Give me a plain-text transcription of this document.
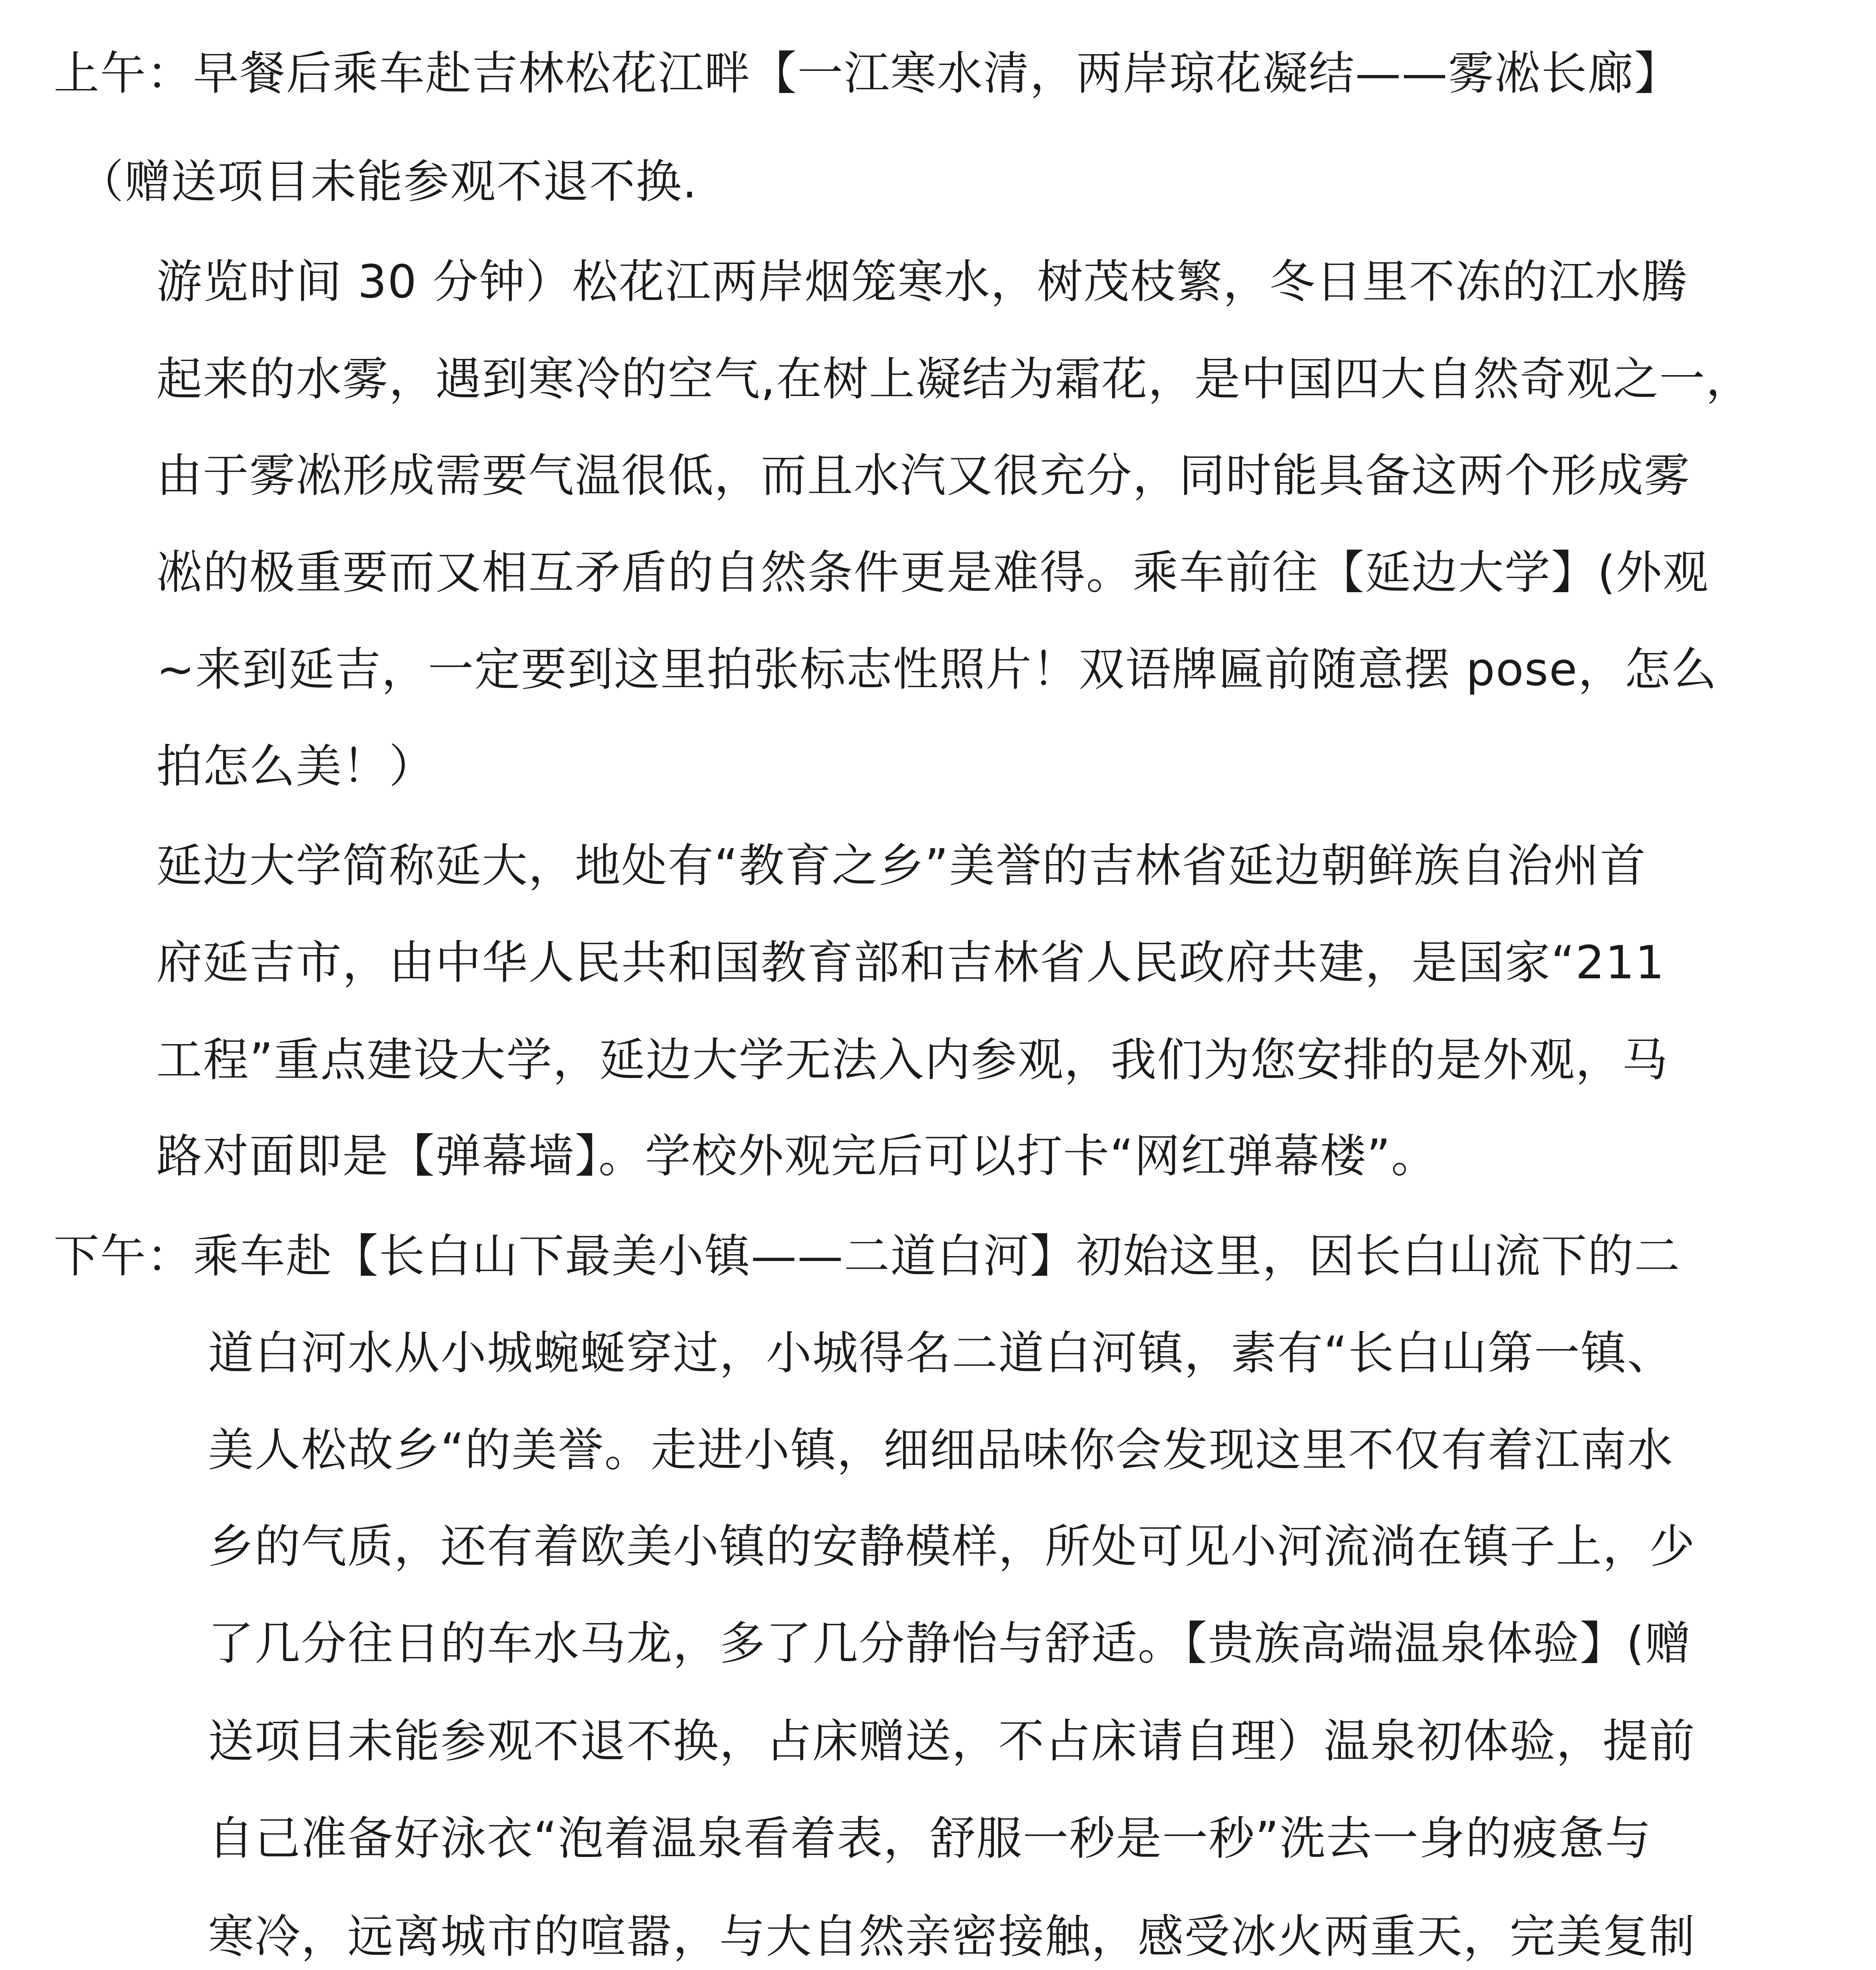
上午：早餐后乘车赴吉林松花江畔【一江寒水清，两岸琼花凝结——雾凇长廊】
（赠送项目未能参观不退不换.
游览时间 30 分钟）松花江两岸烟笼寒水，树茂枝繁，冬日里不冻的江水腾
起来的水雾，遇到寒冷的空气,在树上凝结为霜花，是中国四大自然奇观之一，
由于雾凇形成需要气温很低，而且水汽又很充分，同时能具备这两个形成雾
凇的极重要而又相互矛盾的自然条件更是难得。乘车前往【延边大学】(外观
~来到延吉，一定要到这里拍张标志性照片！双语牌匾前随意摆 pose，怎么
拍怎么美！）
延边大学简称延大，地处有“教育之乡”美誉的吉林省延边朝鲜族自治州首
府延吉市，由中华人民共和国教育部和吉林省人民政府共建，是国家“211
工程”重点建设大学，延边大学无法入内参观，我们为您安排的是外观，马
路对面即是【弹幕墙】。学校外观完后可以打卡“网红弹幕楼”。
下午：乘车赴【长白山下最美小镇——二道白河】初始这里，因长白山流下的二
道白河水从小城蜿蜒穿过，小城得名二道白河镇，素有“长白山第一镇、
美人松故乡“的美誉。走进小镇，细细品味你会发现这里不仅有着江南水
乡的气质，还有着欧美小镇的安静模样，所处可见小河流淌在镇子上，少
了几分往日的车水马龙，多了几分静怡与舒适。【贵族高端温泉体验】(赠
送项目未能参观不退不换，占床赠送，不占床请自理）温泉初体验，提前
自己准备好泳衣“泡着温泉看着表，舒服一秒是一秒”洗去一身的疲惫与
寒冷，远离城市的喧嚣，与大自然亲密接触，感受冰火两重天，完美复制
